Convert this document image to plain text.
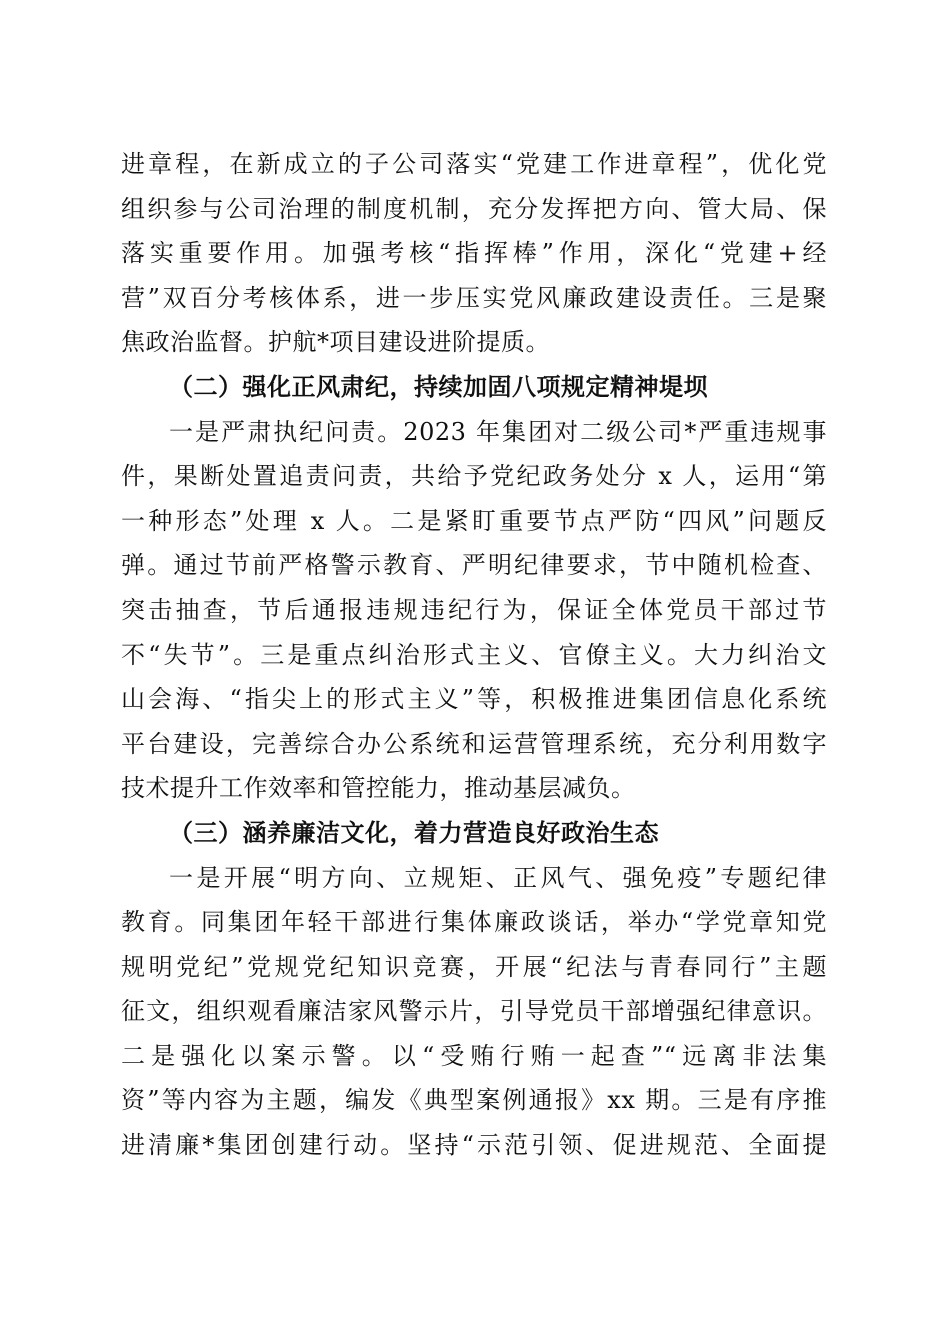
进章程，在新成立的子公司落实“党建工作进章程”，优化党
组织参与公司治理的制度机制，充分发挥把方向、管大局、保
落实重要作用。加强考核“指挥棒”作用，深化“党建+经
营”双百分考核体系，进一步压实党风廉政建设责任。三是聚
焦政治监督。护航*项目建设进阶提质。
（二）强化正风肃纪，持续加固八项规定精神堤坝
一是严肃执纪问责。2023 年集团对二级公司*严重违规事
件，果断处置追责问责，共给予党纪政务处分 x 人，运用“第
一种形态”处理 x 人。二是紧盯重要节点严防“四风”问题反
弹。通过节前严格警示教育、严明纪律要求，节中随机检查、
突击抽查，节后通报违规违纪行为，保证全体党员干部过节
不“失节”。三是重点纠治形式主义、官僚主义。大力纠治文
山会海、“指尖上的形式主义”等，积极推进集团信息化系统
平台建设，完善综合办公系统和运营管理系统，充分利用数字
技术提升工作效率和管控能力，推动基层减负。
（三）涵养廉洁文化，着力营造良好政治生态
一是开展“明方向、立规矩、正风气、强免疫”专题纪律
教育。同集团年轻干部进行集体廉政谈话，举办“学党章知党
规明党纪”党规党纪知识竞赛，开展“纪法与青春同行”主题
征文，组织观看廉洁家风警示片，引导党员干部增强纪律意识。
二是强化以案示警。以“受贿行贿一起查”“远离非法集
资”等内容为主题，编发《典型案例通报》xx 期。三是有序推
进清廉*集团创建行动。坚持“示范引领、促进规范、全面提
